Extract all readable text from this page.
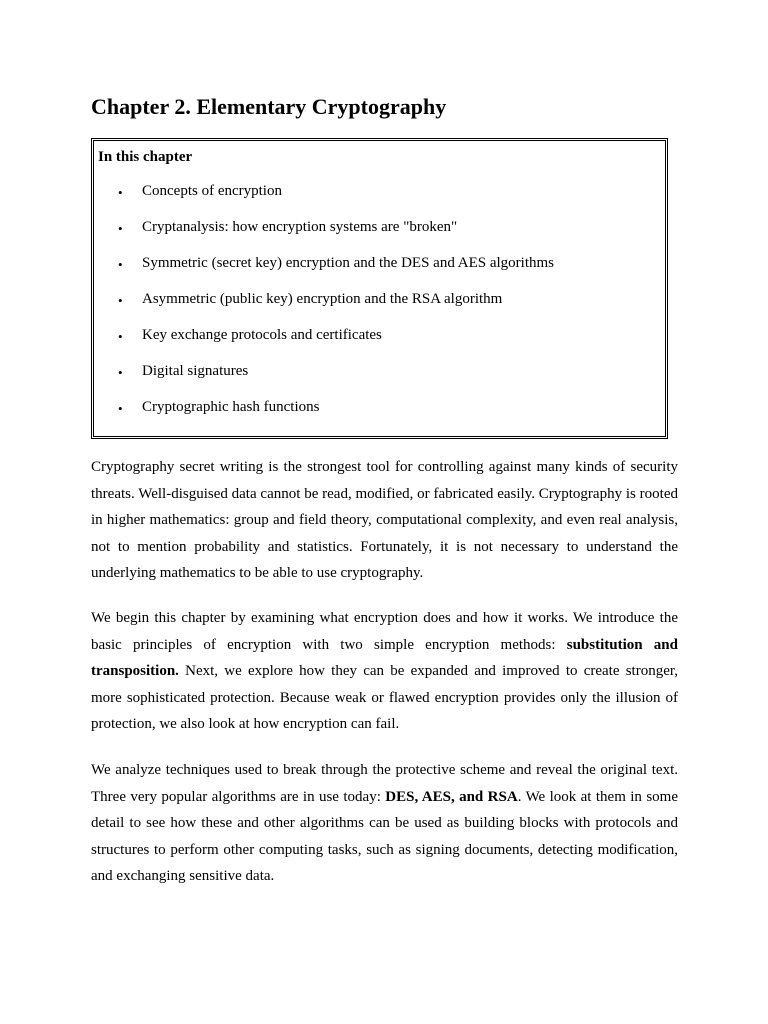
Chapter 2. Elementary Cryptography
In this chapter
• Concepts of encryption
• Cryptanalysis: how encryption systems are "broken"
• Symmetric (secret key) encryption and the DES and AES algorithms
• Asymmetric (public key) encryption and the RSA algorithm
• Key exchange protocols and certificates
• Digital signatures
• Cryptographic hash functions

Cryptography secret writing is the strongest tool for controlling against many kinds of security threats. Well-disguised data cannot be read, modified, or fabricated easily. Cryptography is rooted in higher mathematics: group and field theory, computational complexity, and even real analysis, not to mention probability and statistics. Fortunately, it is not necessary to understand the underlying mathematics to be able to use cryptography.

We begin this chapter by examining what encryption does and how it works. We introduce the basic principles of encryption with two simple encryption methods: substitution and transposition. Next, we explore how they can be expanded and improved to create stronger, more sophisticated protection. Because weak or flawed encryption provides only the illusion of protection, we also look at how encryption can fail.

We analyze techniques used to break through the protective scheme and reveal the original text. Three very popular algorithms are in use today: DES, AES, and RSA. We look at them in some detail to see how these and other algorithms can be used as building blocks with protocols and structures to perform other computing tasks, such as signing documents, detecting modification, and exchanging sensitive data.
